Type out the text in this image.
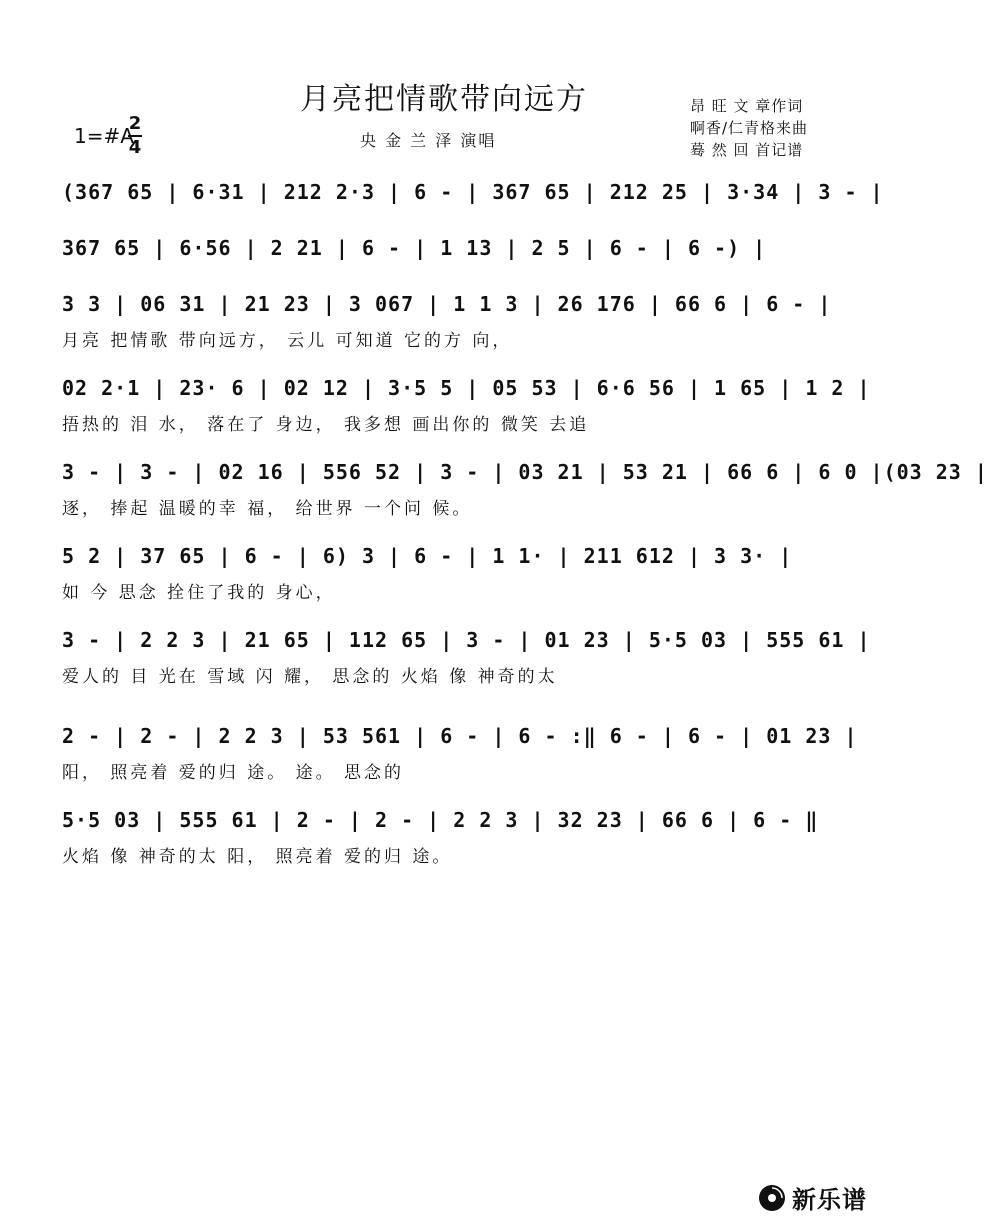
月亮把情歌带向远方	昂 旺 文 章作词
啊香/仁青格来曲
蓦 然 回 首记谱
央 金 兰 泽 演唱
1=#A
2
4
(367 65 | 6·31 | 212 2·3 | 6 - | 367 65 | 212 25 | 3·34 | 3 - |
367 65 | 6·56 | 2 21 | 6 - | 1 13 | 2 5 | 6 - | 6 -) |
3 3 | 06 31 | 21 23 | 3 067 | 1 1 3 | 26 176 | 66 6 | 6 - |
月亮 把情歌 带向远方， 云儿 可知道 它的方 向，
02 2·1 | 23· 6 | 02 12 | 3·5 5 | 05 53 | 6·6 56 | 1 65 | 1 2 |
捂热的 泪 水， 落在了 身边， 我多想 画出你的 微笑 去追
3 - | 3 - | 02 16 | 556 52 | 3 - | 03 21 | 53 21 | 66 6 | 6 0 |(03 23 |
逐， 捧起 温暖的幸 福， 给世界 一个问 候。
5 2 | 37 65 | 6 - | 6) 3 | 6 - | 1 1· | 211 612 | 3 3· |
如 今 思念 拴住了我的 身心，
3 - | 2 2 3 | 21 65 | 112 65 | 3 - | 01 23 | 5·5 03 | 555 61 |
爱人的 目 光在 雪域 闪 耀， 思念的 火焰 像 神奇的太
2 - | 2 - | 2 2 3 | 53 561 | 6 - | 6 - :‖ 6 - | 6 - | 01 23 |
阳， 照亮着 爱的归 途。 途。 思念的
5·5 03 | 555 61 | 2 - | 2 - | 2 2 3 | 32 23 | 66 6 | 6 - ‖
火焰 像 神奇的太 阳， 照亮着 爱的归 途。
新乐谱
